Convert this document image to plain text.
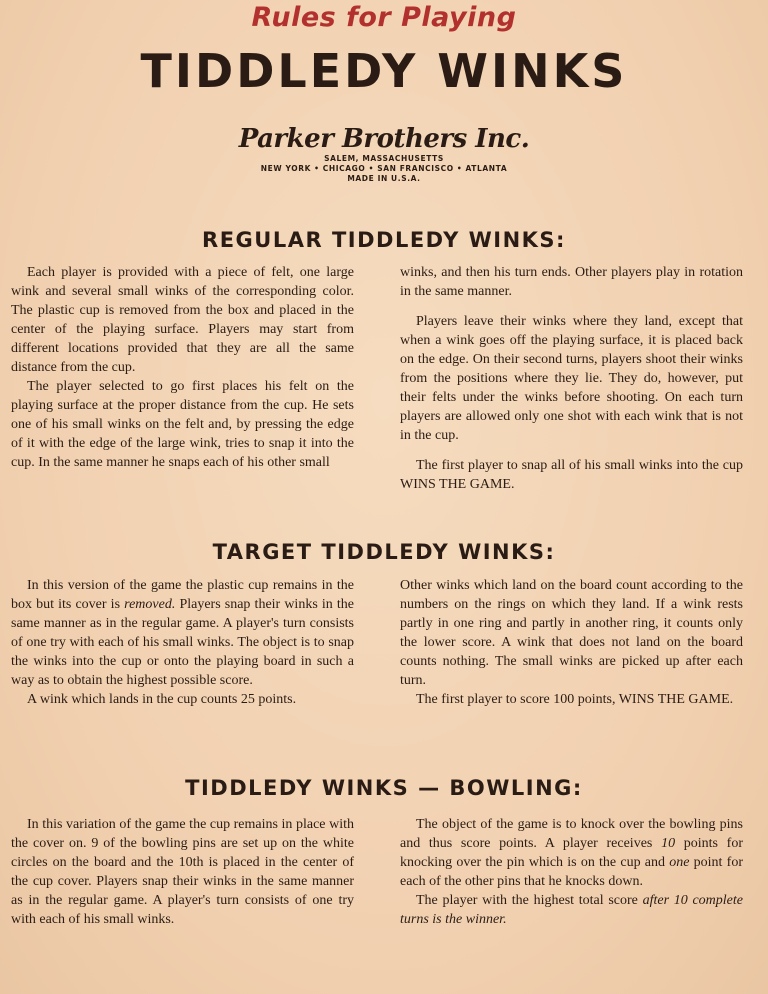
Rules for Playing
TIDDLEDY WINKS
Parker Brothers Inc.
SALEM, MASSACHUSETTS
NEW YORK • CHICAGO • SAN FRANCISCO • ATLANTA
MADE IN U.S.A.
REGULAR TIDDLEDY WINKS:

Each player is provided with a piece of felt, one large wink and several small winks of the corresponding color. The plastic cup is removed from the box and placed in the center of the playing surface. Players may start from different locations provided that they are all the same distance from the cup.

The player selected to go first places his felt on the playing surface at the proper distance from the cup. He sets one of his small winks on the felt and, by pressing the edge of it with the edge of the large wink, tries to snap it into the cup. In the same manner he snaps each of his other small

winks, and then his turn ends. Other players play in rotation in the same manner.

Players leave their winks where they land, except that when a wink goes off the playing surface, it is placed back on the edge. On their second turns, players shoot their winks from the positions where they lie. They do, however, put their felts under the winks before shooting. On each turn players are allowed only one shot with each wink that is not in the cup.

The first player to snap all of his small winks into the cup WINS THE GAME.

TARGET TIDDLEDY WINKS:

In this version of the game the plastic cup remains in the box but its cover is removed. Players snap their winks in the same manner as in the regular game. A player's turn consists of one try with each of his small winks. The object is to snap the winks into the cup or onto the playing board in such a way as to obtain the highest possible score.

A wink which lands in the cup counts 25 points.

Other winks which land on the board count according to the numbers on the rings on which they land. If a wink rests partly in one ring and partly in another ring, it counts only the lower score. A wink that does not land on the board counts nothing. The small winks are picked up after each turn.

The first player to score 100 points, WINS THE GAME.

TIDDLEDY WINKS — BOWLING:

In this variation of the game the cup remains in place with the cover on. 9 of the bowling pins are set up on the white circles on the board and the 10th is placed in the center of the cup cover. Players snap their winks in the same manner as in the regular game. A player's turn consists of one try with each of his small winks.

The object of the game is to knock over the bowling pins and thus score points. A player receives 10 points for knocking over the pin which is on the cup and one point for each of the other pins that he knocks down.

The player with the highest total score after 10 complete turns is the winner.
